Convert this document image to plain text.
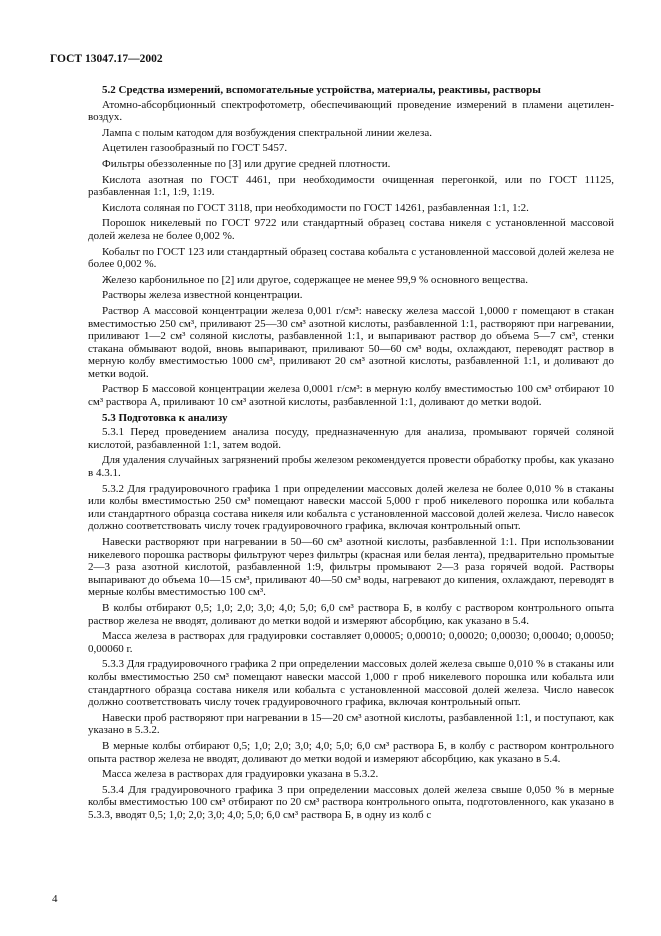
ГОСТ 13047.17—2002

5.2 Средства измерений, вспомогательные устройства, материалы, реактивы, растворы

Атомно-абсорбционный спектрофотометр, обеспечивающий проведение измерений в пламени ацетилен-воздух.

Лампа с полым катодом для возбуждения спектральной линии железа.

Ацетилен газообразный по ГОСТ 5457.

Фильтры обеззоленные по [3] или другие средней плотности.

Кислота азотная по ГОСТ 4461, при необходимости очищенная перегонкой, или по ГОСТ 11125, разбавленная 1:1, 1:9, 1:19.

Кислота соляная по ГОСТ 3118, при необходимости по ГОСТ 14261, разбавленная 1:1, 1:2.

Порошок никелевый по ГОСТ 9722 или стандартный образец состава никеля с установленной массовой долей железа не более 0,002 %.

Кобальт по ГОСТ 123 или стандартный образец состава кобальта с установленной массовой долей железа не более 0,002 %.

Железо карбонильное по [2] или другое, содержащее не менее 99,9 % основного вещества.

Растворы железа известной концентрации.

Раствор А массовой концентрации железа 0,001 г/см³: навеску железа массой 1,0000 г помещают в стакан вместимостью 250 см³, приливают 25—30 см³ азотной кислоты, разбавленной 1:1, растворяют при нагревании, приливают 1—2 см³ соляной кислоты, разбавленной 1:1, и выпаривают раствор до объема 5—7 см³, стенки стакана обмывают водой, вновь выпаривают, приливают 50—60 см³ воды, охлаждают, переводят раствор в мерную колбу вместимостью 1000 см³, приливают 20 см³ азотной кислоты, разбавленной 1:1, и доливают до метки водой.

Раствор Б массовой концентрации железа 0,0001 г/см³: в мерную колбу вместимостью 100 см³ отбирают 10 см³ раствора А, приливают 10 см³ азотной кислоты, разбавленной 1:1, доливают до метки водой.

5.3 Подготовка к анализу

5.3.1 Перед проведением анализа посуду, предназначенную для анализа, промывают горячей соляной кислотой, разбавленной 1:1, затем водой.

Для удаления случайных загрязнений пробы железом рекомендуется провести обработку пробы, как указано в 4.3.1.

5.3.2 Для градуировочного графика 1 при определении массовых долей железа не более 0,010 % в стаканы или колбы вместимостью 250 см³ помещают навески массой 5,000 г проб никелевого порошка или кобальта или стандартного образца состава никеля или кобальта с установленной массовой долей железа. Число навесок должно соответствовать числу точек градуировочного графика, включая контрольный опыт.

Навески растворяют при нагревании в 50—60 см³ азотной кислоты, разбавленной 1:1. При использовании никелевого порошка растворы фильтруют через фильтры (красная или белая лента), предварительно промытые 2—3 раза азотной кислотой, разбавленной 1:9, фильтры промывают 2—3 раза горячей водой. Растворы выпаривают до объема 10—15 см³, приливают 40—50 см³ воды, нагревают до кипения, охлаждают, переводят в мерные колбы вместимостью 100 см³.

В колбы отбирают 0,5; 1,0; 2,0; 3,0; 4,0; 5,0; 6,0 см³ раствора Б, в колбу с раствором контрольного опыта раствор железа не вводят, доливают до метки водой и измеряют абсорбцию, как указано в 5.4.

Масса железа в растворах для градуировки составляет 0,00005; 0,00010; 0,00020; 0,00030; 0,00040; 0,00050; 0,00060 г.

5.3.3 Для градуировочного графика 2 при определении массовых долей железа свыше 0,010 % в стаканы или колбы вместимостью 250 см³ помещают навески массой 1,000 г проб никелевого порошка или кобальта или стандартного образца состава никеля или кобальта с установленной массовой долей железа. Число навесок должно соответствовать числу точек градуировочного графика, включая контрольный опыт.

Навески проб растворяют при нагревании в 15—20 см³ азотной кислоты, разбавленной 1:1, и поступают, как указано в 5.3.2.

В мерные колбы отбирают 0,5; 1,0; 2,0; 3,0; 4,0; 5,0; 6,0 см³ раствора Б, в колбу с раствором контрольного опыта раствор железа не вводят, доливают до метки водой и измеряют абсорбцию, как указано в 5.4.

Масса железа в растворах для градуировки указана в 5.3.2.

5.3.4 Для градуировочного графика 3 при определении массовых долей железа свыше 0,050 % в мерные колбы вместимостью 100 см³ отбирают по 20 см³ раствора контрольного опыта, подготовленного, как указано в 5.3.3, вводят 0,5; 1,0; 2,0; 3,0; 4,0; 5,0; 6,0 см³ раствора Б, в одну из колб с

4
